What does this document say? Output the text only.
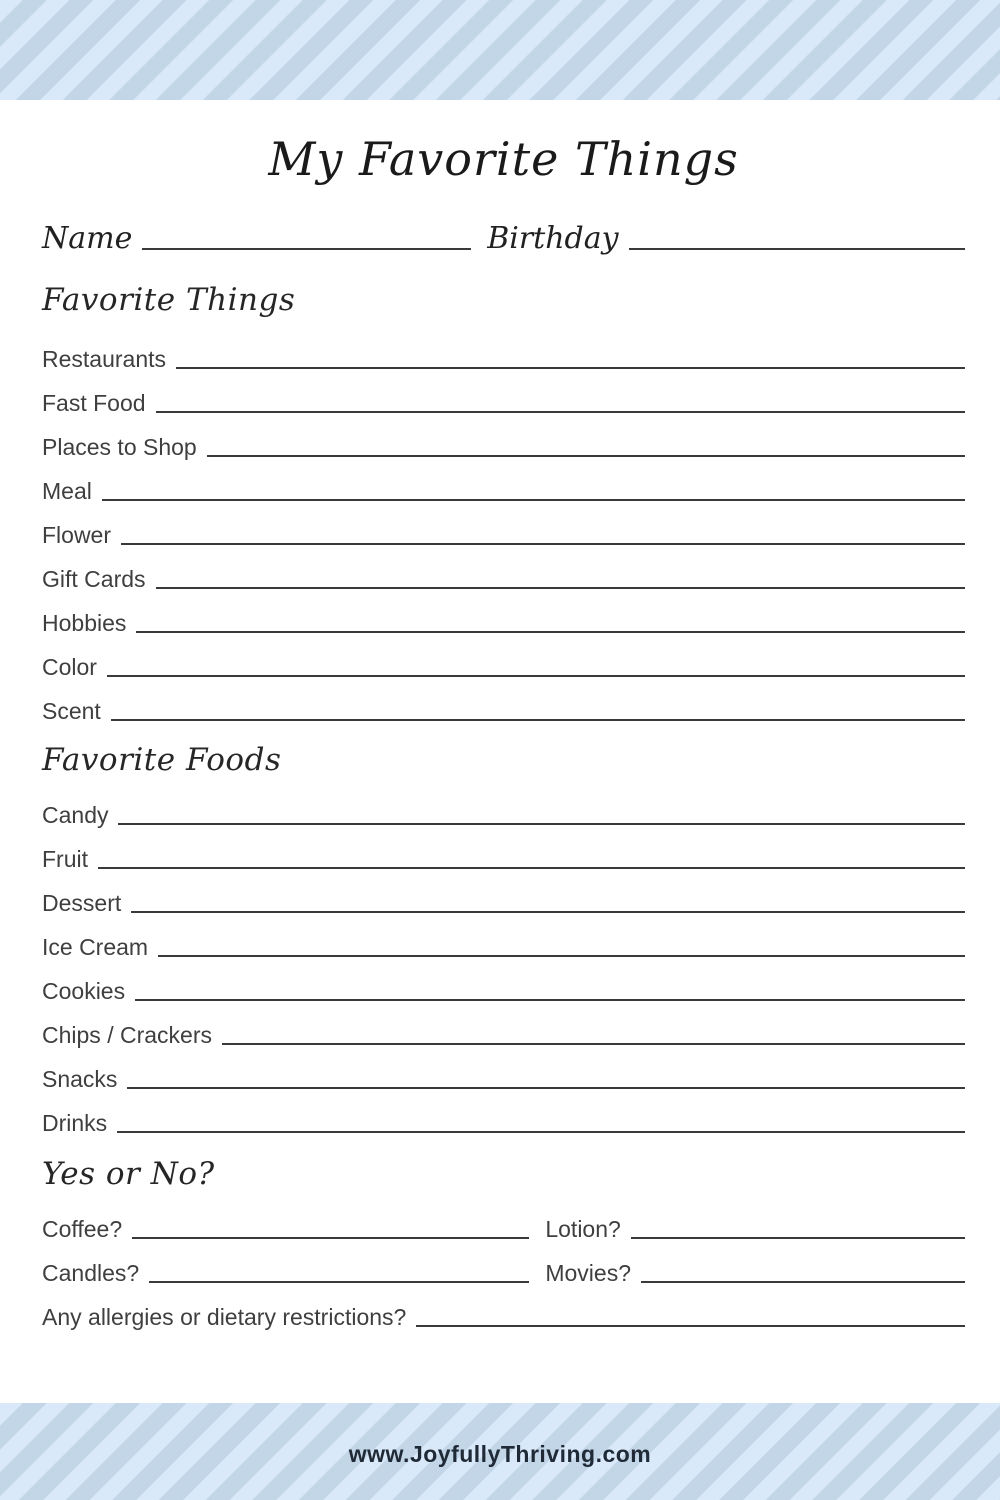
My Favorite Things
Name	Birthday
Favorite Things
Restaurants
Fast Food
Places to Shop
Meal
Flower
Gift Cards
Hobbies
Color
Scent
Favorite Foods
Candy
Fruit
Dessert
Ice Cream
Cookies
Chips / Crackers
Snacks
Drinks
Yes or No?
Coffee?	Lotion?
Candles?	Movies?
Any allergies or dietary restrictions?
www.JoyfullyThriving.com
